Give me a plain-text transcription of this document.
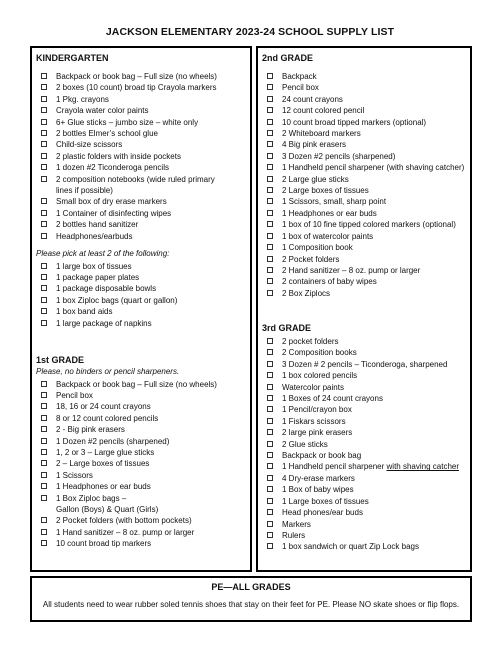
JACKSON ELEMENTARY 2023-24 SCHOOL SUPPLY LIST
KINDERGARTEN
Backpack or book bag – Full size (no wheels)
2 boxes (10 count) broad tip Crayola markers
1 Pkg. crayons
Crayola water color paints
6+ Glue sticks – jumbo size – white only
2 bottles Elmer’s school glue
Child-size scissors
2 plastic folders with inside pockets
1 dozen #2 Ticonderoga pencils
2 composition notebooks (wide ruled primary
lines if possible)
Small box of dry erase markers
1 Container of disinfecting wipes
2 bottles hand sanitizer
Headphones/earbuds
Please pick at least 2 of the following:
1 large box of tissues
1 package paper plates
1 package disposable bowls
1 box Ziploc bags (quart or gallon)
1 box band aids
1 large package of napkins
1st GRADE
Please, no binders or pencil sharpeners.
Backpack or book bag – Full size (no wheels)
Pencil box
18, 16 or 24 count crayons
8 or 12 count colored pencils
2 - Big pink erasers
1 Dozen #2 pencils (sharpened)
1, 2 or 3 – Large glue sticks
2 – Large boxes of tissues
1 Scissors
1 Headphones or ear buds
1 Box Ziploc bags –
Gallon (Boys) & Quart (Girls)
2 Pocket folders (with bottom pockets)
1 Hand sanitizer – 8 oz. pump or larger
10 count broad tip markers
2nd GRADE
Backpack
Pencil box
24 count crayons
12 count colored pencil
10 count broad tipped markers (optional)
2 Whiteboard markers
4 Big pink erasers
3 Dozen #2 pencils (sharpened)
1 Handheld pencil sharpener (with shaving catcher)
2 Large glue sticks
2 Large boxes of tissues
1 Scissors, small, sharp point
1 Headphones or ear buds
1 box of 10 fine tipped colored markers (optional)
1 box of watercolor paints
1 Composition book
2 Pocket folders
2 Hand sanitizer – 8 oz. pump or larger
2 containers of baby wipes
2 Box Ziplocs
3rd GRADE
2 pocket folders
2 Composition books
3 Dozen # 2 pencils – Ticonderoga, sharpened
1 box colored pencils
Watercolor paints
1 Boxes of 24 count crayons
1 Pencil/crayon box
1 Fiskars scissors
2 large pink erasers
2 Glue sticks
Backpack or book bag
1 Handheld pencil sharpener with shaving catcher
4 Dry-erase markers
1 Box of baby wipes
1 Large boxes of tissues
Head phones/ear buds
Markers
Rulers
1 box sandwich or quart Zip Lock bags
PE—ALL GRADES
All students need to wear rubber soled tennis shoes that stay on their feet for PE. Please NO skate shoes or flip flops.
